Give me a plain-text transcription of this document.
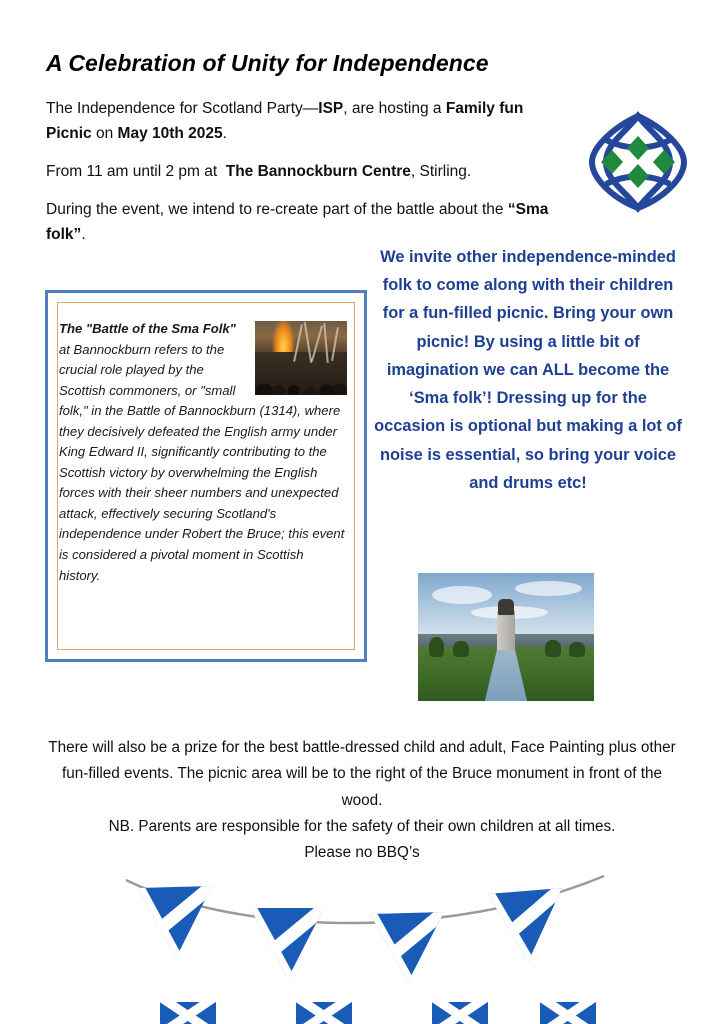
A Celebration of Unity for Independence

The Independence for Scotland Party—ISP, are hosting a Family fun Picnic on May 10th 2025.

From 11 am until 2 pm at  The Bannockburn Centre, Stirling.

During the event, we intend to re-create part of the battle about the “Sma folk”.

The "Battle of the Sma Folk" at Bannockburn refers to the crucial role played by the Scottish commoners, or "small folk," in the Battle of Bannockburn (1314), where they decisively defeated the English army under King Edward II, significantly contributing to the Scottish victory by overwhelming the English forces with their sheer numbers and unexpected attack, effectively securing Scotland's independence under Robert the Bruce; this event is considered a pivotal moment in Scottish history.
We invite other independence-minded folk to come along with their children for a fun-filled picnic. Bring your own picnic! By using a little bit of imagination we can ALL become the ‘Sma folk’! Dressing up for the occasion is optional but making a lot of noise is essential, so bring your voice and drums etc!

There will also be a prize for the best battle-dressed child and adult, Face Painting plus other fun-filled events. The picnic area will be to the right of the Bruce monument in front of the wood.

NB. Parents are responsible for the safety of their own children at all times.

Please no BBQ’s
